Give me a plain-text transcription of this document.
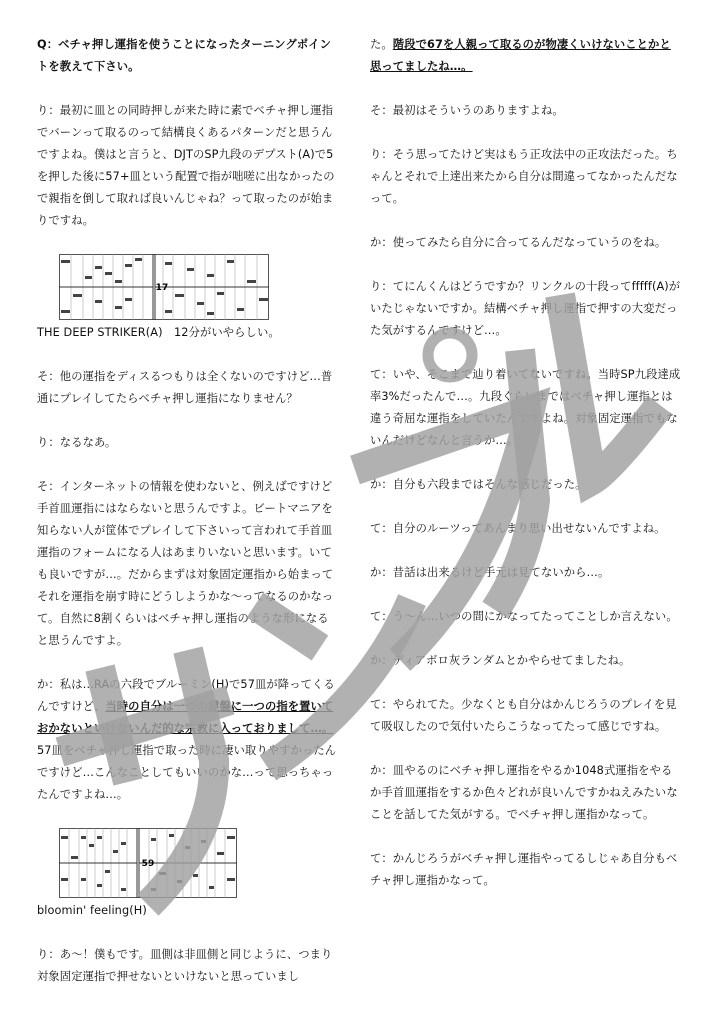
Q：ベチャ押し運指を使うことになったターニングポイントを教えて下さい。
り：最初に皿との同時押しが来た時に素でベチャ押し運指でバーンって取るのって結構良くあるパターンだと思うんですよね。僕はと言うと、DJTのSP九段のデプスト(A)で5を押した後に57+皿という配置で指が咄嗟に出なかったので親指を倒して取れば良いんじゃね？って取ったのが始まりですね。
17
THE DEEP STRIKER(A)　12分がいやらしい。
そ：他の運指をディスるつもりは全くないのですけど…普通にプレイしてたらベチャ押し運指になりません？
り：なるなあ。
そ：インターネットの情報を使わないと、例えばですけど手首皿運指にはならないと思うんですよ。ビートマニアを知らない人が筐体でプレイして下さいって言われて手首皿運指のフォームになる人はあまりいないと思います。いても良いですが…。だからまずは対象固定運指から始まってそれを運指を崩す時にどうしようかな～ってなるのかなって。自然に8割くらいはベチャ押し運指のような形になると思うんですよ。
か：私は…RAの六段でブルーミン(H)で57皿が降ってくるんですけど、当時の自分は一つの鍵盤に一つの指を置いておかないといけないんだ的な宗教に入っておりまして…。57皿をベチャ押し運指で取った時に凄い取りやすかったんですけど…こんなことしてもいいのかな…って思っちゃったんですよね…。
59
bloomin' feeling(H)
り：あ～！僕もです。皿側は非皿側と同じように、つまり対象固定運指で押せないといけないと思っていまし
た。階段で67を人親って取るのが物凄くいけないことかと思ってましたね…。
そ：最初はそういうのありますよね。
り：そう思ってたけど実はもう正攻法中の正攻法だった。ちゃんとそれで上達出来たから自分は間違ってなかったんだなって。
か：使ってみたら自分に合ってるんだなっていうのをね。
り：てにんくんはどうですか？リンクルの十段ってfffff(A)がいたじゃないですか。結構ベチャ押し運指で押すの大変だった気がするんですけど…。
て：いや、そこまで辿り着いてないですね。当時SP九段達成率3%だったんで…。九段ぐらいまではベチャ押し運指とは違う奇屈な運指をしていたんですよね。対象固定運指でもないんだけどなんと言うか…。
か：自分も六段まではそんな感じだった。
て：自分のルーツってあんまり思い出せないんですよね。
か：昔話は出来るけど手元は見てないから…。
て：う～ん…いつの間にかなってたってことしか言えない。
か：ディアボロ灰ランダムとかやらせてましたね。
て：やられてた。少なくとも自分はかんじろうのプレイを見て吸収したので気付いたらこうなってたって感じですね。
か：皿やるのにベチャ押し運指をやるか1048式運指をやるか手首皿運指をするか色々どれが良いんですかねえみたいなことを話してた気がする。でベチャ押し運指かなって。
て：かんじろうがベチャ押し運指やってるしじゃあ自分もベチャ押し運指かなって。
